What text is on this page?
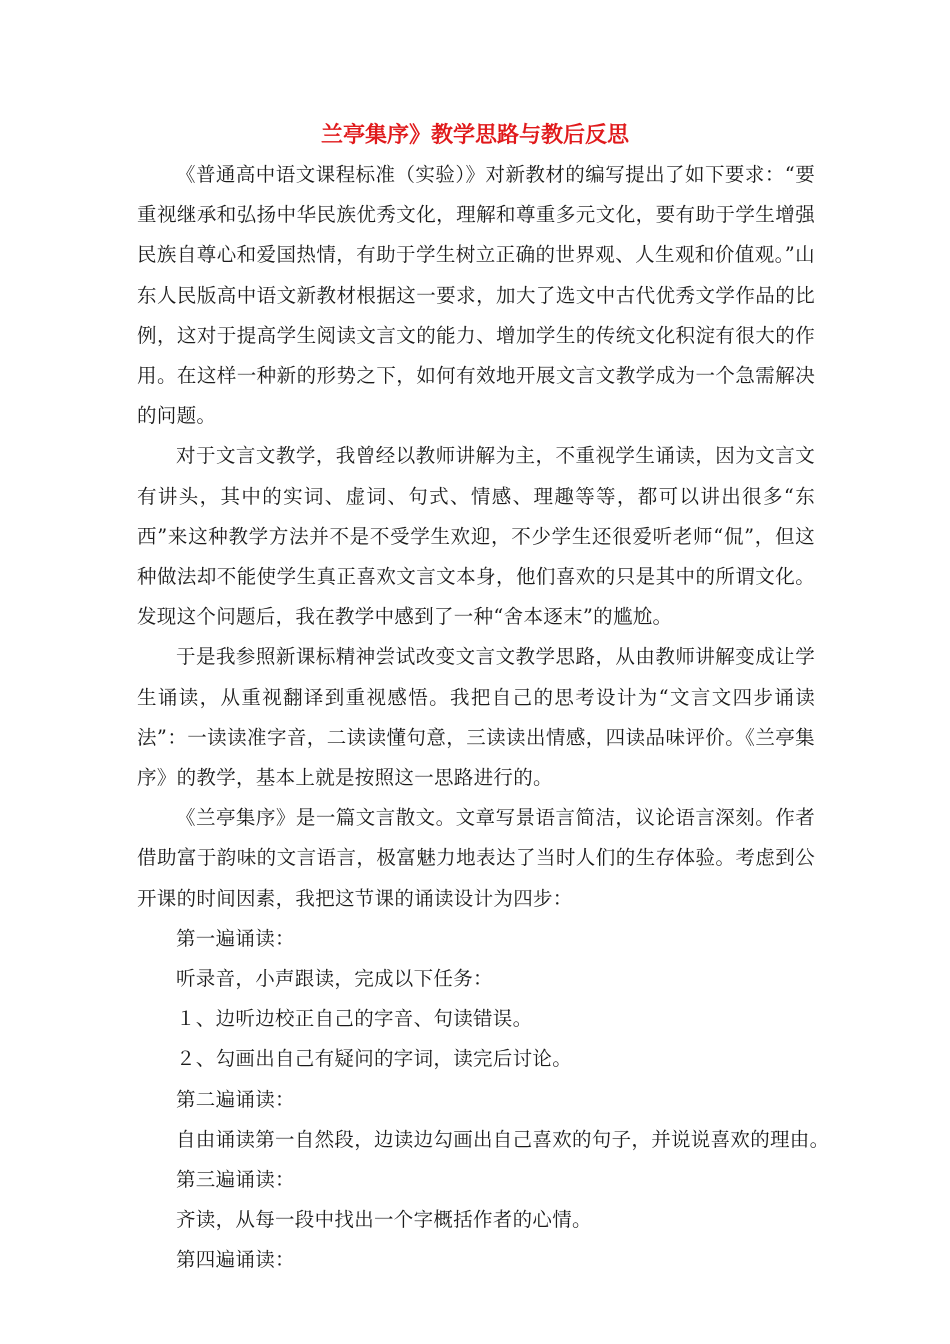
兰亭集序》教学思路与教后反思

《普通高中语文课程标准（实验）》对新教材的编写提出了如下要求：“要重视继承和弘扬中华民族优秀文化，理解和尊重多元文化，要有助于学生增强民族自尊心和爱国热情，有助于学生树立正确的世界观、人生观和价值观。”山东人民版高中语文新教材根据这一要求，加大了选文中古代优秀文学作品的比例，这对于提高学生阅读文言文的能力、增加学生的传统文化积淀有很大的作用。在这样一种新的形势之下，如何有效地开展文言文教学成为一个急需解决的问题。

对于文言文教学，我曾经以教师讲解为主，不重视学生诵读，因为文言文有讲头，其中的实词、虚词、句式、情感、理趣等等，都可以讲出很多“东西”来这种教学方法并不是不受学生欢迎，不少学生还很爱听老师“侃”，但这种做法却不能使学生真正喜欢文言文本身，他们喜欢的只是其中的所谓文化。发现这个问题后，我在教学中感到了一种“舍本逐末”的尴尬。

于是我参照新课标精神尝试改变文言文教学思路，从由教师讲解变成让学生诵读，从重视翻译到重视感悟。我把自己的思考设计为“文言文四步诵读法”：一读读准字音，二读读懂句意，三读读出情感，四读品味评价。《兰亭集序》的教学，基本上就是按照这一思路进行的。

《兰亭集序》是一篇文言散文。文章写景语言简洁，议论语言深刻。作者借助富于韵味的文言语言，极富魅力地表达了当时人们的生存体验。考虑到公开课的时间因素，我把这节课的诵读设计为四步：

第一遍诵读：

听录音，小声跟读，完成以下任务：

１、边听边校正自己的字音、句读错误。

２、勾画出自己有疑问的字词，读完后讨论。

第二遍诵读：

自由诵读第一自然段，边读边勾画出自己喜欢的句子，并说说喜欢的理由。

第三遍诵读：

齐读，从每一段中找出一个字概括作者的心情。

第四遍诵读：
